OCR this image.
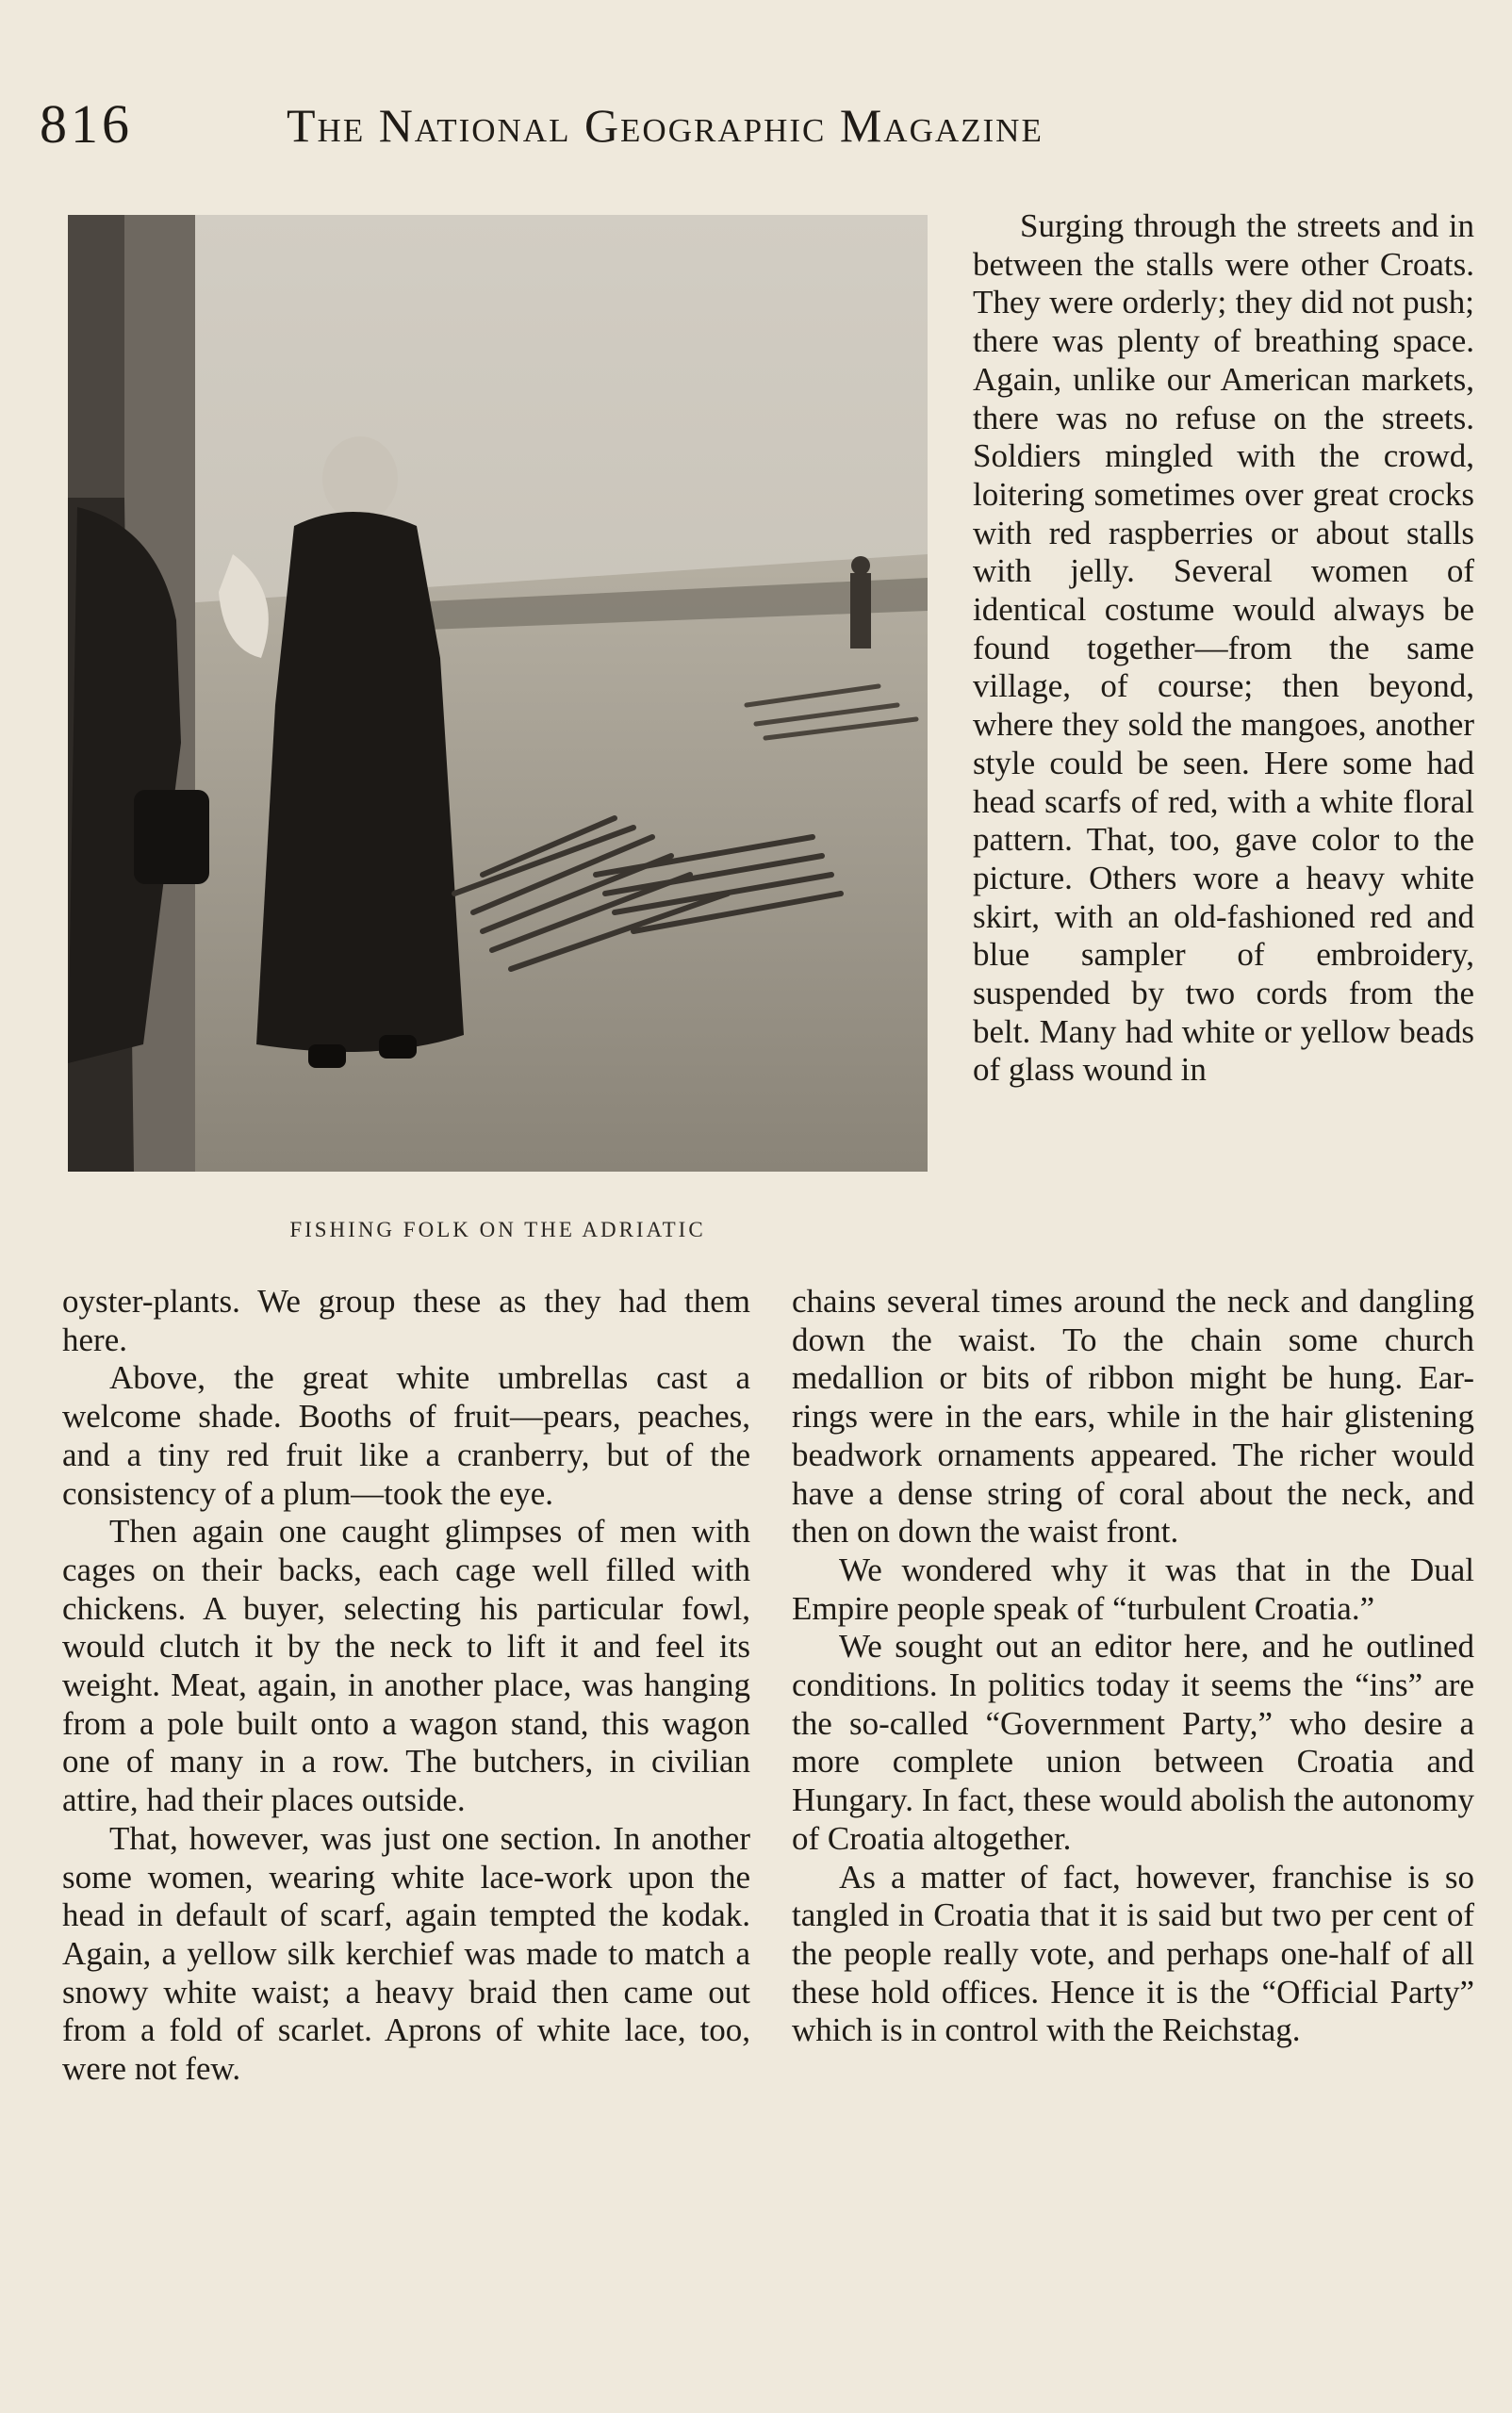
816	The National Geographic Magazine
FISHING FOLK ON THE ADRIATIC

Surging through the streets and in between the stalls were other Croats. They were orderly; they did not push; there was plenty of breathing space. Again, unlike our American markets, there was no refuse on the streets. Soldiers mingled with the crowd, loitering sometimes over great crocks with red raspberries or about stalls with jelly. Several women of identical costume would always be found together—from the same village, of course; then beyond, where they sold the mangoes, another style could be seen. Here some had head scarfs of red, with a white floral pattern. That, too, gave color to the picture. Others wore a heavy white skirt, with an old-fashioned red and blue sampler of embroidery, suspended by two cords from the belt. Many had white or yellow beads of glass wound in

oyster-plants. We group these as they had them here.

Above, the great white umbrellas cast a welcome shade. Booths of fruit—pears, peaches, and a tiny red fruit like a cranberry, but of the consistency of a plum—took the eye.

Then again one caught glimpses of men with cages on their backs, each cage well filled with chickens. A buyer, selecting his particular fowl, would clutch it by the neck to lift it and feel its weight. Meat, again, in another place, was hanging from a pole built onto a wagon stand, this wagon one of many in a row. The butchers, in civilian attire, had their places outside.

That, however, was just one section. In another some women, wearing white lace-work upon the head in default of scarf, again tempted the kodak. Again, a yellow silk kerchief was made to match a snowy white waist; a heavy braid then came out from a fold of scarlet. Aprons of white lace, too, were not few.

chains several times around the neck and dangling down the waist. To the chain some church medallion or bits of ribbon might be hung. Ear-rings were in the ears, while in the hair glistening beadwork ornaments appeared. The richer would have a dense string of coral about the neck, and then on down the waist front.

We wondered why it was that in the Dual Empire people speak of “turbulent Croatia.”

We sought out an editor here, and he outlined conditions. In politics today it seems the “ins” are the so-called “Government Party,” who desire a more complete union between Croatia and Hungary. In fact, these would abolish the autonomy of Croatia altogether.

As a matter of fact, however, franchise is so tangled in Croatia that it is said but two per cent of the people really vote, and perhaps one-half of all these hold offices. Hence it is the “Official Party” which is in control with the Reichstag.
